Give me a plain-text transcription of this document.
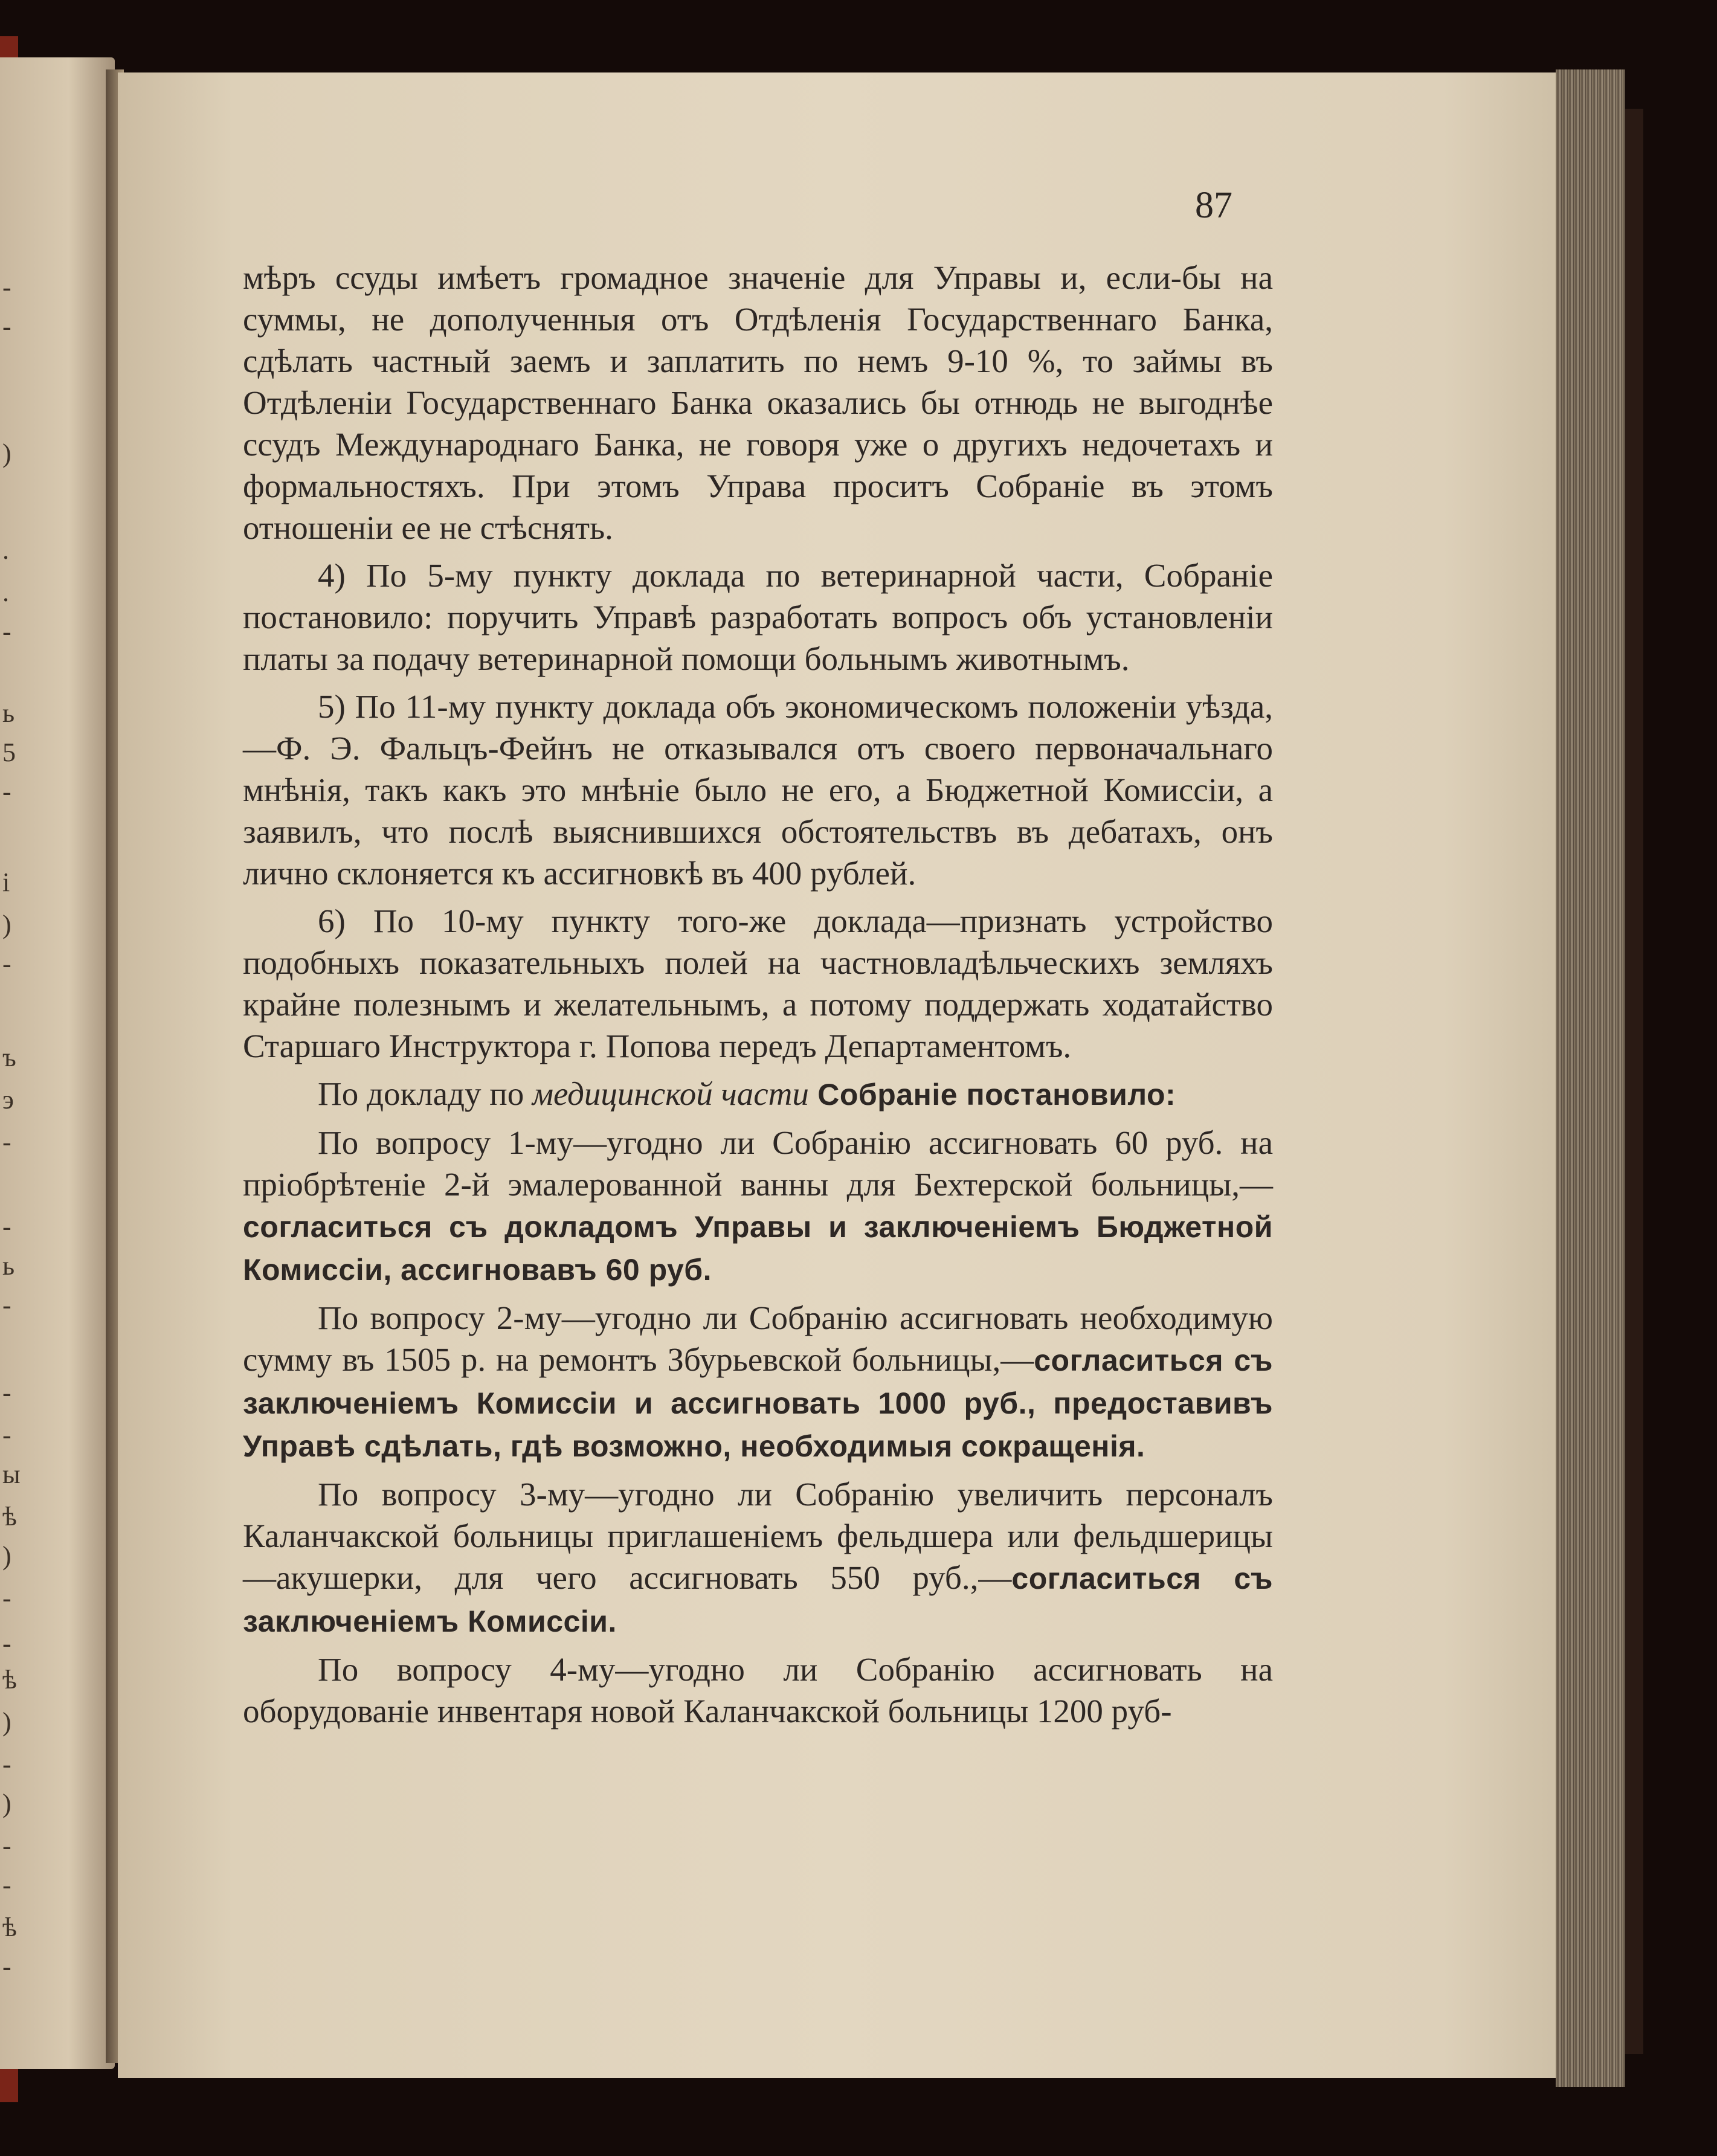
-
-
)
.
.
-
ь
5
-
і
)
-
ъ
э
-
-
ь
-
-
-
ы
ѣ
)
-
-
ѣ
)
-
)
-
-
ѣ
-
87

мѣръ ссуды имѣетъ громадное значеніе для Управы и, если-бы на суммы, не дополученныя отъ Отдѣленія Государственнаго Банка, сдѣлать частный заемъ и заплатить по немъ 9-10 %, то займы въ Отдѣленіи Государственнаго Банка оказались бы отнюдь не выгоднѣе ссудъ Международнаго Банка, не говоря уже о другихъ недочетахъ и формальностяхъ. При этомъ Управа проситъ Собраніе въ этомъ отношеніи ее не стѣснять.

4) По 5-му пункту доклада по ветеринарной части, Собраніе постановило: поручить Управѣ разработать вопросъ объ установленіи платы за подачу ветеринарной помощи больнымъ животнымъ.

5) По 11-му пункту доклада объ экономическомъ положеніи уѣзда,—Ф. Э. Фальцъ-Фейнъ не отказывался отъ своего первоначальнаго мнѣнія, такъ какъ это мнѣніе было не его, а Бюджетной Комиссіи, а заявилъ, что послѣ выяснившихся обстоятельствъ въ дебатахъ, онъ лично склоняется къ ассигновкѣ въ 400 рублей.

6) По 10-му пункту того-же доклада—признать устройство подобныхъ показательныхъ полей на частновладѣльческихъ земляхъ крайне полезнымъ и желательнымъ, а потому поддержать ходатайство Старшаго Инструктора г. Попова передъ Департаментомъ.

По докладу по медицинской части Собраніе постановило:

По вопросу 1-му—угодно ли Собранію ассигновать 60 руб. на пріобрѣтеніе 2-й эмалерованной ванны для Бехтерской больницы,—согласиться съ докладомъ Управы и заключеніемъ Бюджетной Комиссіи, ассигновавъ 60 руб.

По вопросу 2-му—угодно ли Собранію ассигновать необходимую сумму въ 1505 р. на ремонтъ Збурьевской больницы,—согласиться съ заключеніемъ Комиссіи и ассигновать 1000 руб., предоставивъ Управѣ сдѣлать, гдѣ возможно, необходимыя сокращенія.

По вопросу 3-му—угодно ли Собранію увеличить персоналъ Каланчакской больницы приглашеніемъ фельдшера или фельдшерицы—акушерки, для чего ассигновать 550 руб.,—согласиться съ заключеніемъ Комиссіи.

По вопросу 4-му—угодно ли Собранію ассигновать на оборудованіе инвентаря новой Каланчакской больницы 1200 руб-
